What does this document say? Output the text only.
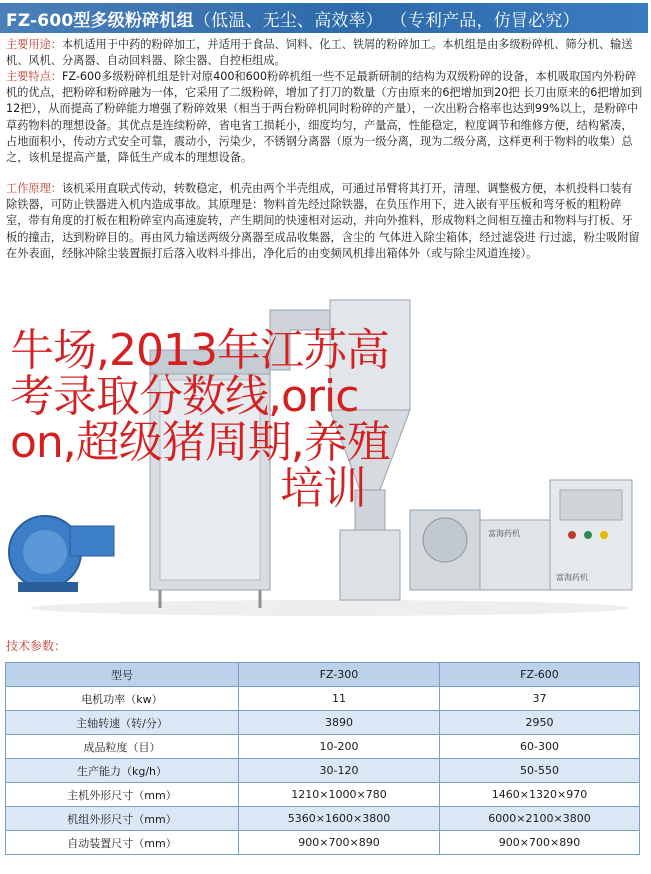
FZ-600型多级粉碎机组（低温、无尘、高效率） （专利产品，仿冒必究）
主要用途：本机适用于中药的粉碎加工，并适用于食品、饲料、化工、铁屑的粉碎加工。本机组是由多级粉碎机、筛分机、输送机、风机、分离器、自动回料器、除尘器、自控柜组成。
主要特点：FZ-600多级粉碎机组是针对原400和600粉碎机组一些不足最新研制的结构为双级粉碎的设备，本机吸取国内外粉碎机的优点，把粉碎和粉碎融为一体，它采用了二级粉碎，增加了打刀的数量（方由原来的6把增加到20把 长刀由原来的6把增加到12把），从而提高了粉碎能力增强了粉碎效果（相当于两台粉碎机同时粉碎的产量），一次出粉合格率也达到99%以上，是粉碎中草药物料的理想设备。其优点是连续粉碎，省电省工损耗小，细度均匀，产量高，性能稳定，粒度调节和维修方便，结构紧凑，占地面积小，传动方式安全可靠，震动小，污染少，不锈钢分离器（原为一级分离，现为二级分离，这样更利于物料的收集）总之，该机是提高产量，降低生产成本的理想设备。
工作原理：该机采用直联式传动，转数稳定，机壳由两个半壳组成，可通过吊臂将其打开，清理、调整极方便，本机投料口装有除铁器，可防止铁器进入机内造成事故。其原理是：物料首先经过除铁器，在负压作用下，进入嵌有平压板和弯牙板的粗粉碎室，带有角度的打板在粗粉碎室内高速旋转，产生期间的快速相对运动，并向外推料，形成物料之间相互撞击和物料与打板、牙板的撞击，达到粉碎目的。再由风力输送两级分离器至成品收集器，含尘的 气体进入除尘箱体，经过滤袋进 行过滤，粉尘吸附留在外表面，经脉冲除尘装置振打后落入收料斗排出，净化后的由变频风机排出箱体外（或与除尘风道连接）。
富海药机
富海药机
牛场,2013年江苏高
考录取分数线,oric
on,超级猪周期,养殖
培训
技术参数：
型号	FZ-300	FZ-600
电机功率（kw）	11	37
主轴转速（转/分）	3890	2950
成品粒度（目）	10-200	60-300
生产能力（kg/h）	30-120	50-550
主机外形尺寸（mm）	1210×1000×780	1460×1320×970
机组外形尺寸（mm）	5360×1600×3800	6000×2100×3800
自动装置尺寸（mm）	900×700×890	900×700×890
